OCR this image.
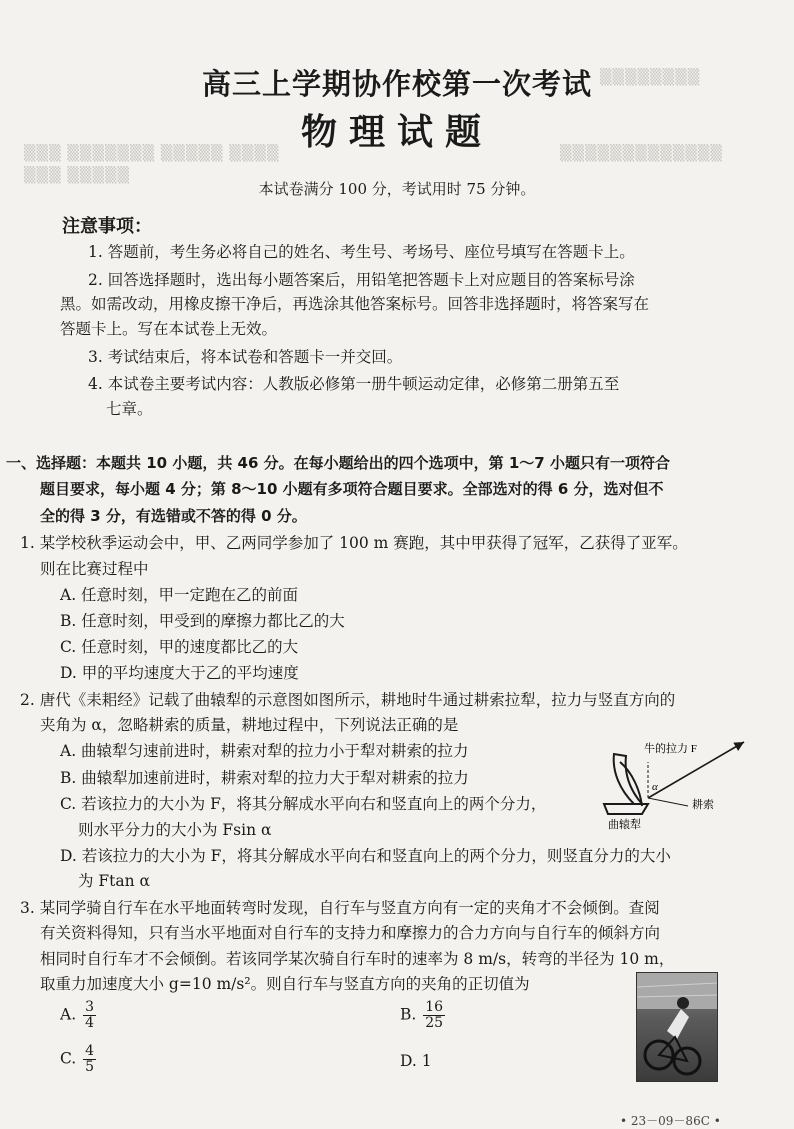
▒▒▒▒▒▒▒▒
▒▒▒ ▒▒▒▒▒▒▒ ▒▒▒▒▒ ▒▒▒▒	▒▒▒▒▒▒▒▒▒▒▒▒▒
▒▒▒ ▒▒▒▒▒
高三上学期协作校第一次考试
物理试题
本试卷满分 100 分，考试用时 75 分钟。
注意事项：
1. 答题前，考生务必将自己的姓名、考生号、考场号、座位号填写在答题卡上。
2. 回答选择题时，选出每小题答案后，用铅笔把答题卡上对应题目的答案标号涂
黑。如需改动，用橡皮擦干净后，再选涂其他答案标号。回答非选择题时，将答案写在
答题卡上。写在本试卷上无效。
3. 考试结束后，将本试卷和答题卡一并交回。
4. 本试卷主要考试内容：人教版必修第一册牛顿运动定律，必修第二册第五至
七章。
一、选择题：本题共 10 小题，共 46 分。在每小题给出的四个选项中，第 1～7 小题只有一项符合
题目要求，每小题 4 分；第 8～10 小题有多项符合题目要求。全部选对的得 6 分，选对但不
全的得 3 分，有选错或不答的得 0 分。
1. 某学校秋季运动会中，甲、乙两同学参加了 100 m 赛跑，其中甲获得了冠军，乙获得了亚军。
则在比赛过程中
A. 任意时刻，甲一定跑在乙的前面
B. 任意时刻，甲受到的摩擦力都比乙的大
C. 任意时刻，甲的速度都比乙的大
D. 甲的平均速度大于乙的平均速度
2. 唐代《耒耜经》记载了曲辕犁的示意图如图所示，耕地时牛通过耕索拉犁，拉力与竖直方向的
夹角为 α，忽略耕索的质量，耕地过程中，下列说法正确的是
A. 曲辕犁匀速前进时，耕索对犁的拉力小于犁对耕索的拉力
B. 曲辕犁加速前进时，耕索对犁的拉力大于犁对耕索的拉力
C. 若该拉力的大小为 F，将其分解成水平向右和竖直向上的两个分力，
则水平分力的大小为 Fsin α
D. 若该拉力的大小为 F，将其分解成水平向右和竖直向上的两个分力，则竖直分力的大小
为 Ftan α
牛的拉力 F
α
耕索
曲辕犁
3. 某同学骑自行车在水平地面转弯时发现，自行车与竖直方向有一定的夹角才不会倾倒。查阅
有关资料得知，只有当水平地面对自行车的支持力和摩擦力的合力方向与自行车的倾斜方向
相同时自行车才不会倾倒。若该同学某次骑自行车时的速率为 8 m/s，转弯的半径为 10 m，
取重力加速度大小 g=10 m/s²。则自行车与竖直方向的夹角的正切值为
A. $\frac{3}{4}$	B. $\frac{16}{25}$
C. $\frac{4}{5}$	D. 1
• 23－09－86C •
